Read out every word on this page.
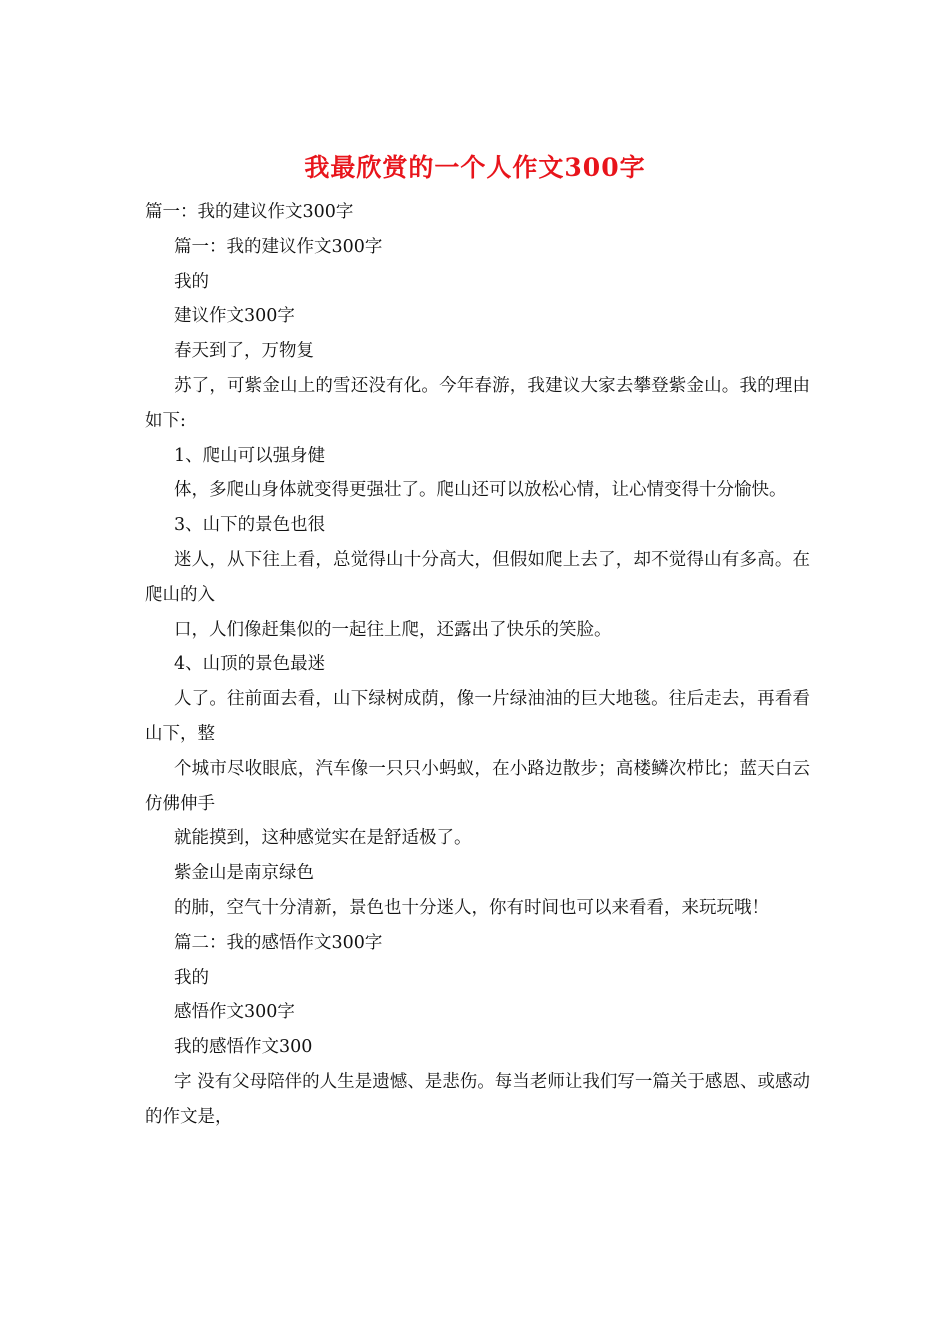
我最欣赏的一个人作文300字

篇一：我的建议作文300字

篇一：我的建议作文300字

我的

建议作文300字

春天到了，万物复

苏了，可紫金山上的雪还没有化。今年春游，我建议大家去攀登紫金山。我的理由如下:

1、爬山可以强身健

体，多爬山身体就变得更强壮了。爬山还可以放松心情，让心情变得十分愉快。

3、山下的景色也很

迷人，从下往上看，总觉得山十分高大，但假如爬上去了，却不觉得山有多高。在爬山的入

口，人们像赶集似的一起往上爬，还露出了快乐的笑脸。

4、山顶的景色最迷

人了。往前面去看，山下绿树成荫，像一片绿油油的巨大地毯。往后走去，再看看山下，整

个城市尽收眼底，汽车像一只只小蚂蚁，在小路边散步；高楼鳞次栉比；蓝天白云仿佛伸手

就能摸到，这种感觉实在是舒适极了。

紫金山是南京绿色

的肺，空气十分清新，景色也十分迷人，你有时间也可以来看看，来玩玩哦！

篇二：我的感悟作文300字

我的

感悟作文300字

我的感悟作文300

字 没有父母陪伴的人生是遗憾、是悲伤。每当老师让我们写一篇关于感恩、或感动的作文是，
